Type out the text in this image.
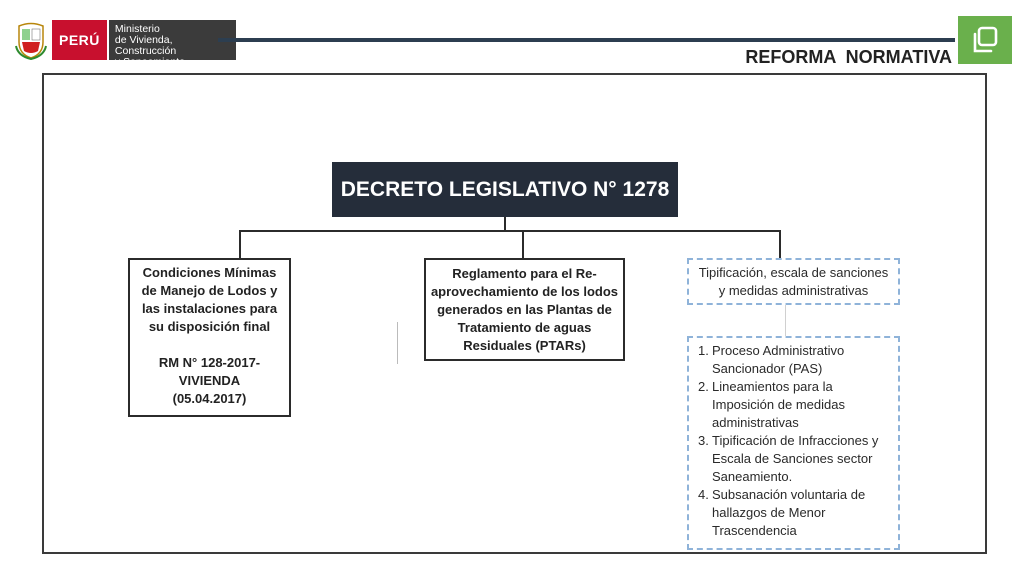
PERÚ
Ministerio
de Vivienda, Construcción
y Saneamiento	REFORMA  NORMATIVA
DECRETO LEGISLATIVO N° 1278
Condiciones Mínimas
de Manejo de Lodos y
las instalaciones para
su disposición final
RM N° 128-2017-
VIVIENDA
(05.04.2017)
Reglamento para el Re-
aprovechamiento de los lodos
generados en las Plantas de
Tratamiento de aguas
Residuales (PTARs)
Tipificación, escala de sanciones
y medidas administrativas
1. Proceso Administrativo
Sancionador (PAS)
2. Lineamientos para la
Imposición de medidas
administrativas
3. Tipificación de Infracciones y
Escala de Sanciones sector
Saneamiento.
4. Subsanación voluntaria de
hallazgos de Menor
Trascendencia
